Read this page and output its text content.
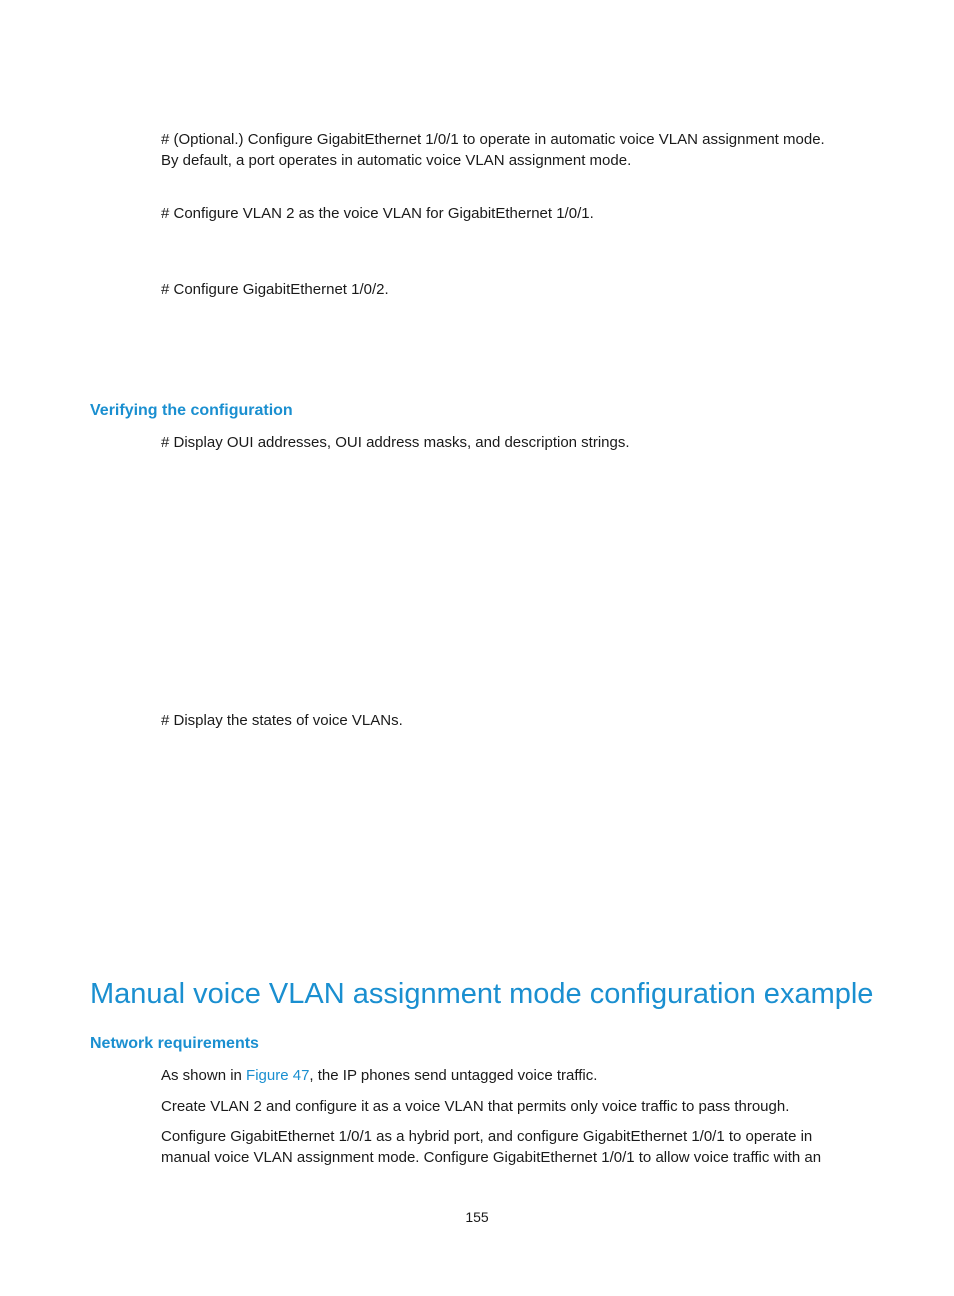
# (Optional.) Configure GigabitEthernet 1/0/1 to operate in automatic voice VLAN assignment mode.

By default, a port operates in automatic voice VLAN assignment mode.

# Configure VLAN 2 as the voice VLAN for GigabitEthernet 1/0/1.

# Configure GigabitEthernet 1/0/2.

Verifying the configuration

# Display OUI addresses, OUI address masks, and description strings.

# Display the states of voice VLANs.

Manual voice VLAN assignment mode configuration example
Network requirements

As shown in Figure 47, the IP phones send untagged voice traffic.

Create VLAN 2 and configure it as a voice VLAN that permits only voice traffic to pass through.

Configure GigabitEthernet 1/0/1 as a hybrid port, and configure GigabitEthernet 1/0/1 to operate in

manual voice VLAN assignment mode. Configure GigabitEthernet 1/0/1 to allow voice traffic with an

155
